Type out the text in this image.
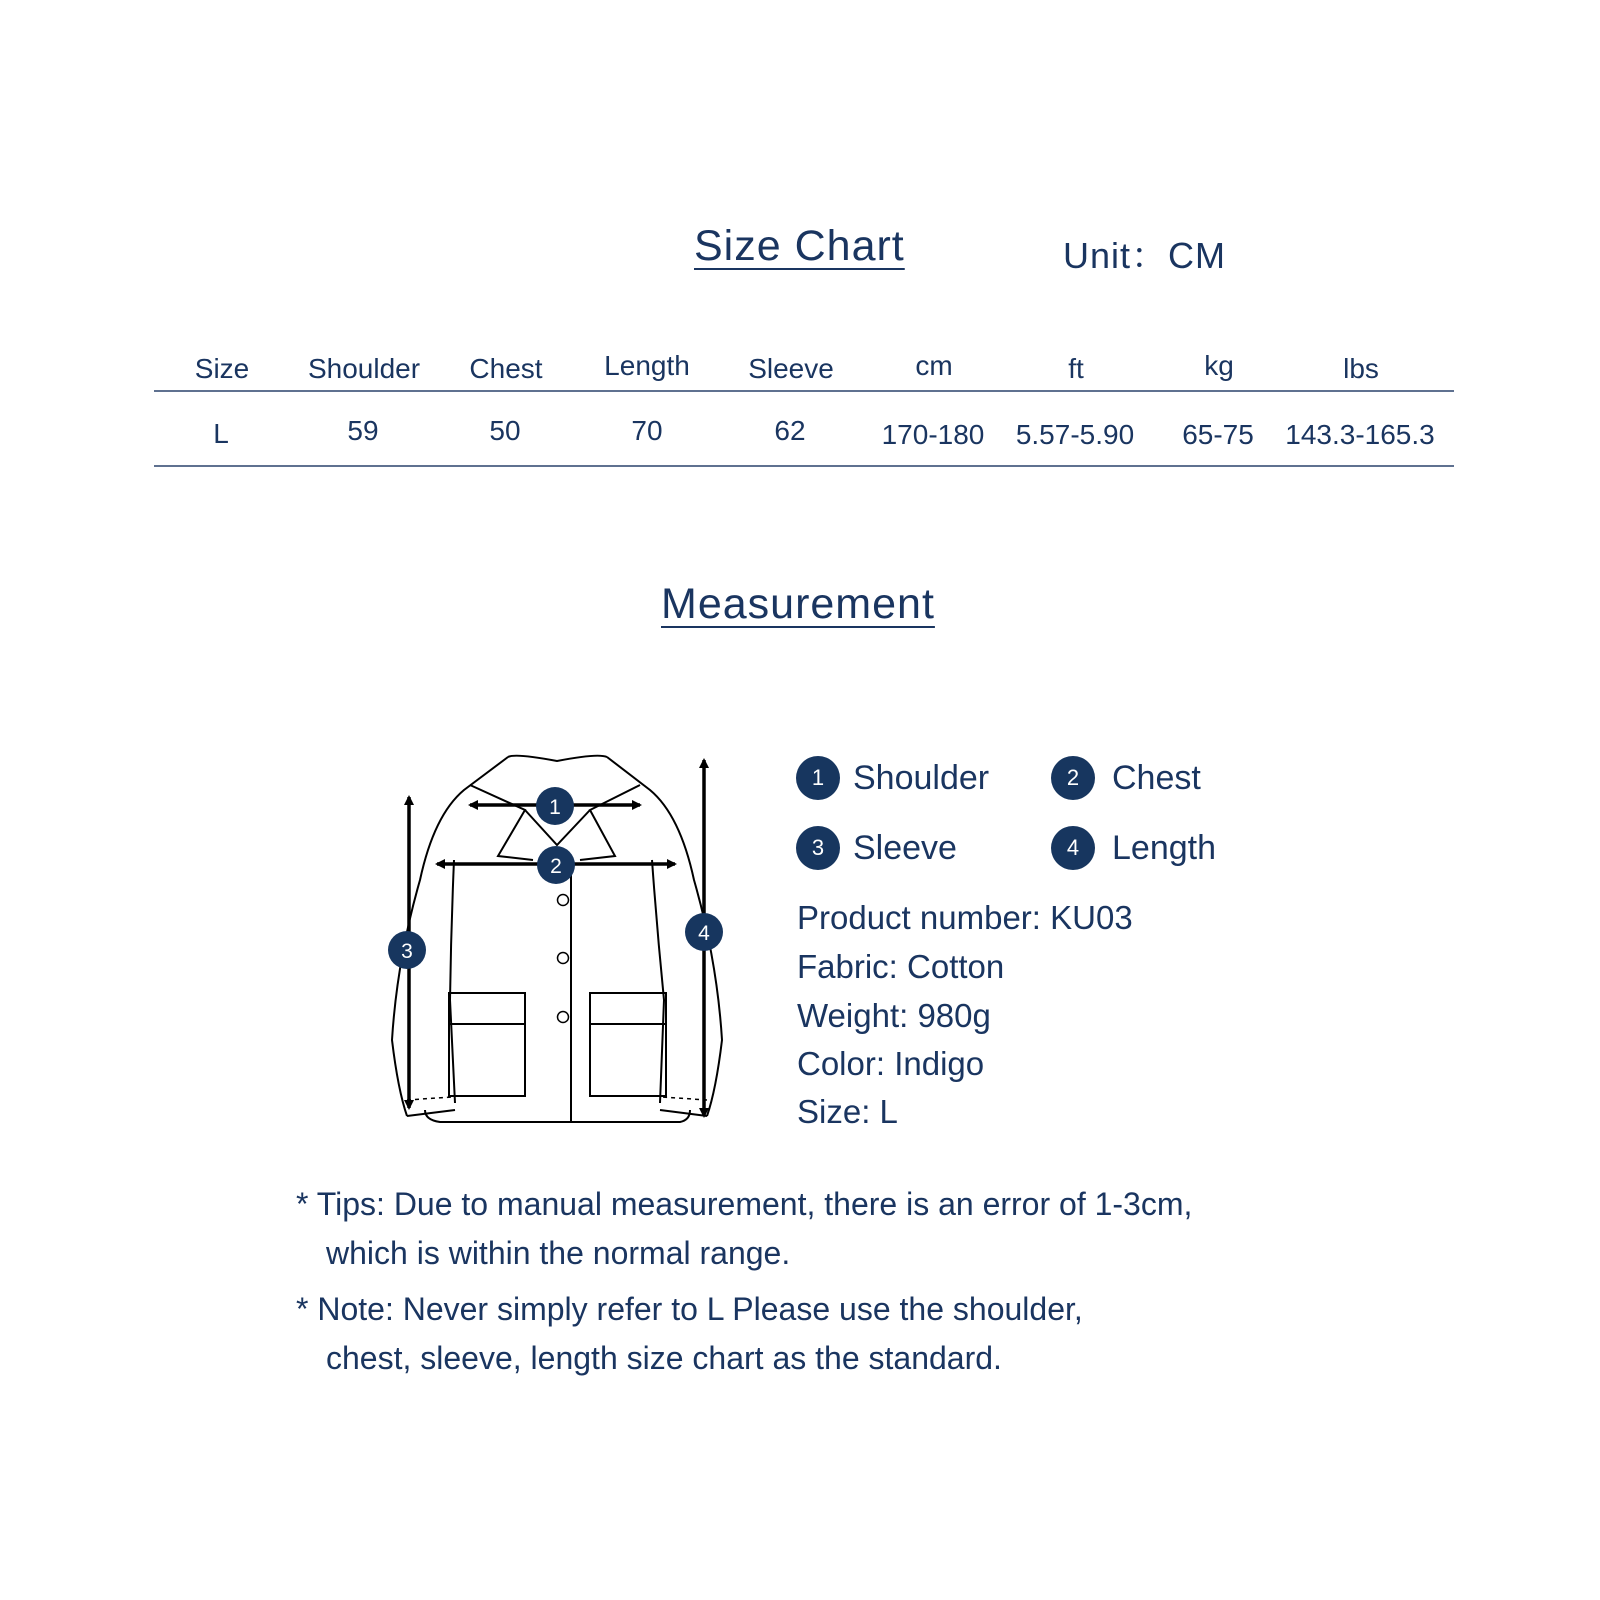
Size Chart	Unit：CM
Size	Shoulder	Chest	Length	Sleeve	cm	ft	kg	lbs
L	59	50	70	62	170-180	5.57-5.90	65-75	143.3-165.3
Measurement
1
2
3
4
1 Shoulder	2 Chest
3 Sleeve	4 Length
Product number: KU03
Fabric: Cotton
Weight: 980g
Color: Indigo
Size: L
* Tips: Due to manual measurement, there is an error of 1-3cm,
which is within the normal range.
* Note: Never simply refer to L Please use the shoulder,
chest, sleeve, length size chart as the standard.
